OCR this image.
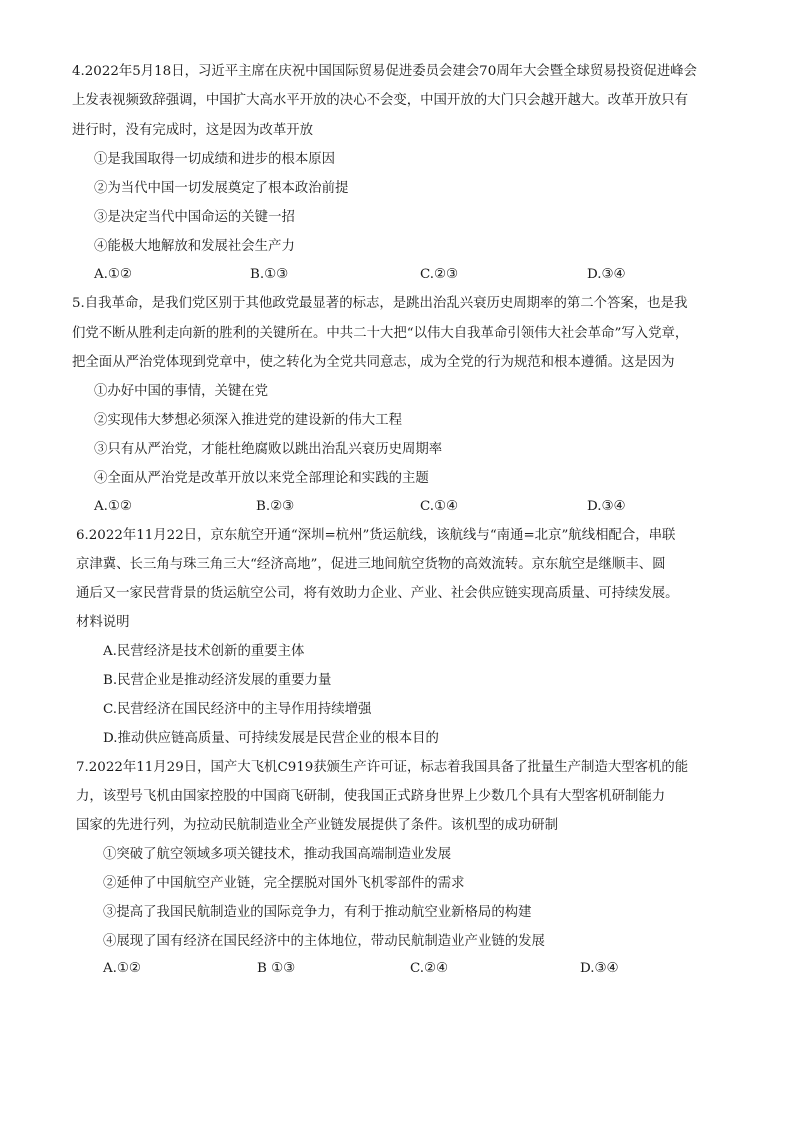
4.2022年5月18日，习近平主席在庆祝中国国际贸易促进委员会建会70周年大会暨全球贸易投资促进峰会
上发表视频致辞强调，中国扩大高水平开放的决心不会变，中国开放的大门只会越开越大。改革开放只有
进行时，没有完成时，这是因为改革开放
①是我国取得一切成绩和进步的根本原因
②为当代中国一切发展奠定了根本政治前提
③是决定当代中国命运的关键一招
④能极大地解放和发展社会生产力
A.①②	B.①③	C.②③	D.③④
5.自我革命，是我们党区别于其他政党最显著的标志，是跳出治乱兴衰历史周期率的第二个答案，也是我
们党不断从胜利走向新的胜利的关键所在。中共二十大把“以伟大自我革命引领伟大社会革命”写入党章，
把全面从严治党体现到党章中，使之转化为全党共同意志，成为全党的行为规范和根本遵循。这是因为
①办好中国的事情，关键在党
②实现伟大梦想必须深入推进党的建设新的伟大工程
③只有从严治党，才能杜绝腐败以跳出治乱兴衰历史周期率
④全面从严治党是改革开放以来党全部理论和实践的主题
A.①②	B.②③	C.①④	D.③④
6.2022年11月22日，京东航空开通“深圳=杭州”货运航线，该航线与“南通=北京”航线相配合，串联
京津冀、长三角与珠三角三大“经济高地”，促进三地间航空货物的高效流转。京东航空是继顺丰、圆
通后又一家民营背景的货运航空公司，将有效助力企业、产业、社会供应链实现高质量、可持续发展。
材料说明
A.民营经济是技术创新的重要主体
B.民营企业是推动经济发展的重要力量
C.民营经济在国民经济中的主导作用持续增强
D.推动供应链高质量、可持续发展是民营企业的根本目的
7.2022年11月29日，国产大飞机C919获颁生产许可证，标志着我国具备了批量生产制造大型客机的能
力，该型号飞机由国家控股的中国商飞研制，使我国正式跻身世界上少数几个具有大型客机研制能力
国家的先进行列，为拉动民航制造业全产业链发展提供了条件。该机型的成功研制
①突破了航空领域多项关键技术，推动我国高端制造业发展
②延伸了中国航空产业链，完全摆脱对国外飞机零部件的需求
③提高了我国民航制造业的国际竞争力，有利于推动航空业新格局的构建
④展现了国有经济在国民经济中的主体地位，带动民航制造业产业链的发展
A.①②	B ①③	C.②④	D.③④
